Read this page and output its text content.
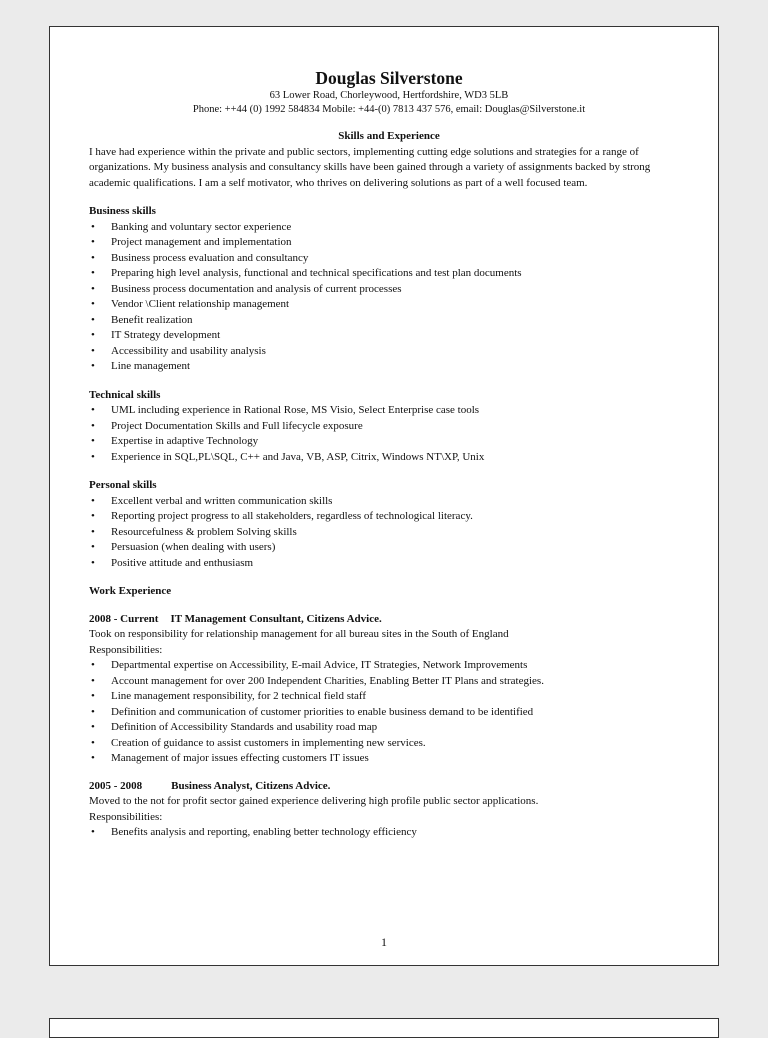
Douglas Silverstone

63 Lower Road, Chorleywood, Hertfordshire, WD3 5LB

Phone: ++44 (0) 1992 584834 Mobile: +44-(0) 7813 437 576, email: Douglas@Silverstone.it

Skills and Experience

I have had experience within the private and public sectors, implementing cutting edge solutions and strategies for a range of organizations. My business analysis and consultancy skills have been gained through a variety of assignments backed by strong academic qualifications. I am a self motivator, who thrives on delivering solutions as part of a well focused team.

Business skills

• Banking and voluntary sector experience
• Project management and implementation
• Business process evaluation and consultancy
• Preparing high level analysis, functional and technical specifications and test plan documents
• Business process documentation and analysis of current processes
• Vendor \Client relationship management
• Benefit realization
• IT Strategy development
• Accessibility and usability analysis
• Line management

Technical skills

• UML including experience in Rational Rose, MS Visio, Select Enterprise case tools
• Project Documentation Skills and Full lifecycle exposure
• Expertise in adaptive Technology
• Experience in SQL,PL\SQL, C++ and Java, VB, ASP, Citrix, Windows NT\XP, Unix

Personal skills

• Excellent verbal and written communication skills
• Reporting project progress to all stakeholders, regardless of technological literacy.
• Resourcefulness & problem Solving skills
• Persuasion (when dealing with users)
• Positive attitude and enthusiasm

Work Experience

2008 - Current IT Management Consultant, Citizens Advice.

Took on responsibility for relationship management for all bureau sites in the South of England

Responsibilities:

• Departmental expertise on Accessibility, E-mail Advice, IT Strategies, Network Improvements
• Account management for over 200 Independent Charities, Enabling Better IT Plans and strategies.
• Line management responsibility, for 2 technical field staff
• Definition and communication of customer priorities to enable business demand to be identified
• Definition of Accessibility Standards and usability road map
• Creation of guidance to assist customers in implementing new services.
• Management of major issues effecting customers IT issues

2005 - 2008	Business Analyst, Citizens Advice.

Moved to the not for profit sector gained experience delivering high profile public sector applications.

Responsibilities:

• Benefits analysis and reporting, enabling better technology efficiency
1
